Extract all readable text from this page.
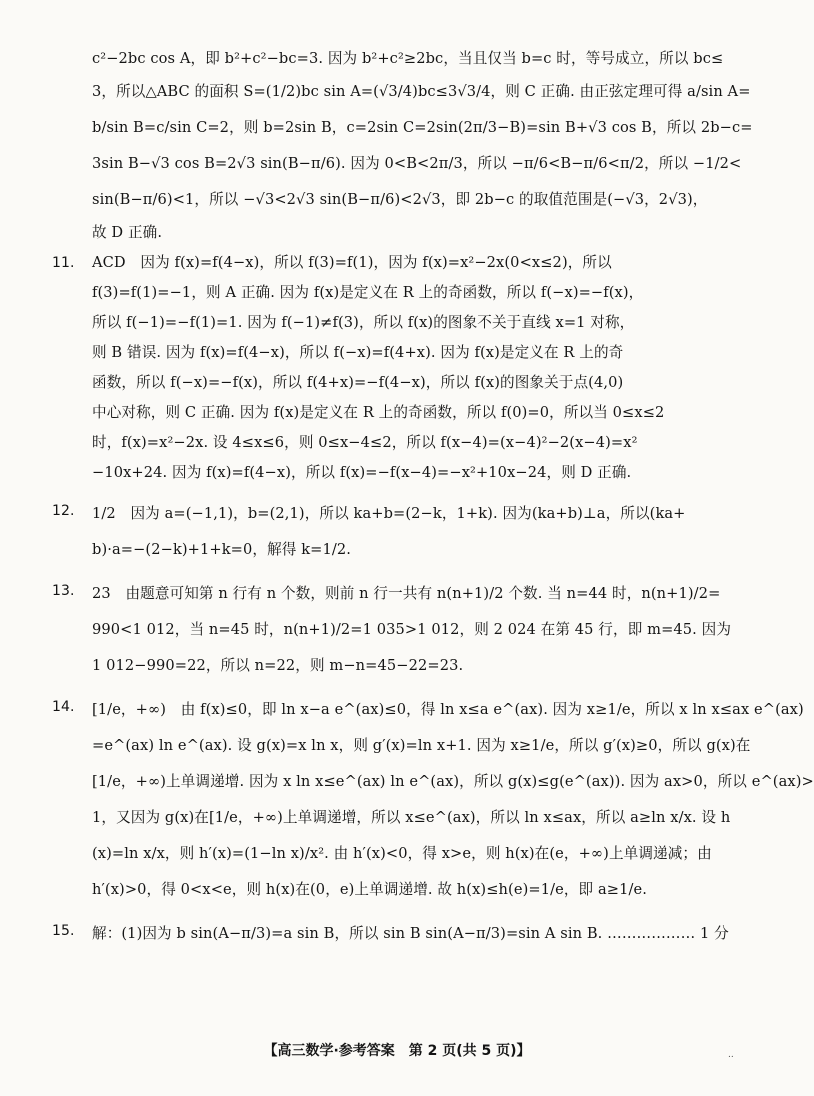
c²−2bc cos A，即 b²+c²−bc=3. 因为 b²+c²≥2bc，当且仅当 b=c 时，等号成立，所以 bc≤
3，所以△ABC 的面积 S=(1/2)bc sin A=(√3/4)bc≤3√3/4，则 C 正确. 由正弦定理可得 a/sin A=
b/sin B=c/sin C=2，则 b=2sin B，c=2sin C=2sin(2π/3−B)=sin B+√3 cos B，所以 2b−c=
3sin B−√3 cos B=2√3 sin(B−π/6). 因为 0<B<2π/3，所以 −π/6<B−π/6<π/2，所以 −1/2<
sin(B−π/6)<1，所以 −√3<2√3 sin(B−π/6)<2√3，即 2b−c 的取值范围是(−√3，2√3)，
故 D 正确.
11. ACD　因为 f(x)=f(4−x)，所以 f(3)=f(1)，因为 f(x)=x²−2x(0<x≤2)，所以
f(3)=f(1)=−1，则 A 正确. 因为 f(x)是定义在 R 上的奇函数，所以 f(−x)=−f(x)，
所以 f(−1)=−f(1)=1. 因为 f(−1)≠f(3)，所以 f(x)的图象不关于直线 x=1 对称，
则 B 错误. 因为 f(x)=f(4−x)，所以 f(−x)=f(4+x). 因为 f(x)是定义在 R 上的奇
函数，所以 f(−x)=−f(x)，所以 f(4+x)=−f(4−x)，所以 f(x)的图象关于点(4,0)
中心对称，则 C 正确. 因为 f(x)是定义在 R 上的奇函数，所以 f(0)=0，所以当 0≤x≤2
时，f(x)=x²−2x. 设 4≤x≤6，则 0≤x−4≤2，所以 f(x−4)=(x−4)²−2(x−4)=x²
−10x+24. 因为 f(x)=f(4−x)，所以 f(x)=−f(x−4)=−x²+10x−24，则 D 正确.
12. 1/2　因为 a=(−1,1)，b=(2,1)，所以 ka+b=(2−k，1+k). 因为(ka+b)⊥a，所以(ka+
b)·a=−(2−k)+1+k=0，解得 k=1/2.
13. 23　由题意可知第 n 行有 n 个数，则前 n 行一共有 n(n+1)/2 个数. 当 n=44 时，n(n+1)/2=
990<1 012，当 n=45 时，n(n+1)/2=1 035>1 012，则 2 024 在第 45 行，即 m=45. 因为
1 012−990=22，所以 n=22，则 m−n=45−22=23.
14. [1/e，+∞)　由 f(x)≤0，即 ln x−a e^(ax)≤0，得 ln x≤a e^(ax). 因为 x≥1/e，所以 x ln x≤ax e^(ax)
=e^(ax) ln e^(ax). 设 g(x)=x ln x，则 g′(x)=ln x+1. 因为 x≥1/e，所以 g′(x)≥0，所以 g(x)在
[1/e，+∞)上单调递增. 因为 x ln x≤e^(ax) ln e^(ax)，所以 g(x)≤g(e^(ax)). 因为 ax>0，所以 e^(ax)>
1，又因为 g(x)在[1/e，+∞)上单调递增，所以 x≤e^(ax)，所以 ln x≤ax，所以 a≥ln x/x. 设 h
(x)=ln x/x，则 h′(x)=(1−ln x)/x². 由 h′(x)<0，得 x>e，则 h(x)在(e，+∞)上单调递减；由
h′(x)>0，得 0<x<e，则 h(x)在(0，e)上单调递增. 故 h(x)≤h(e)=1/e，即 a≥1/e.
15. 解：(1)因为 b sin(A−π/3)=a sin B，所以 sin B sin(A−π/3)=sin A sin B. ……………… 1 分
【高三数学·参考答案　第 2 页(共 5 页)】	..
